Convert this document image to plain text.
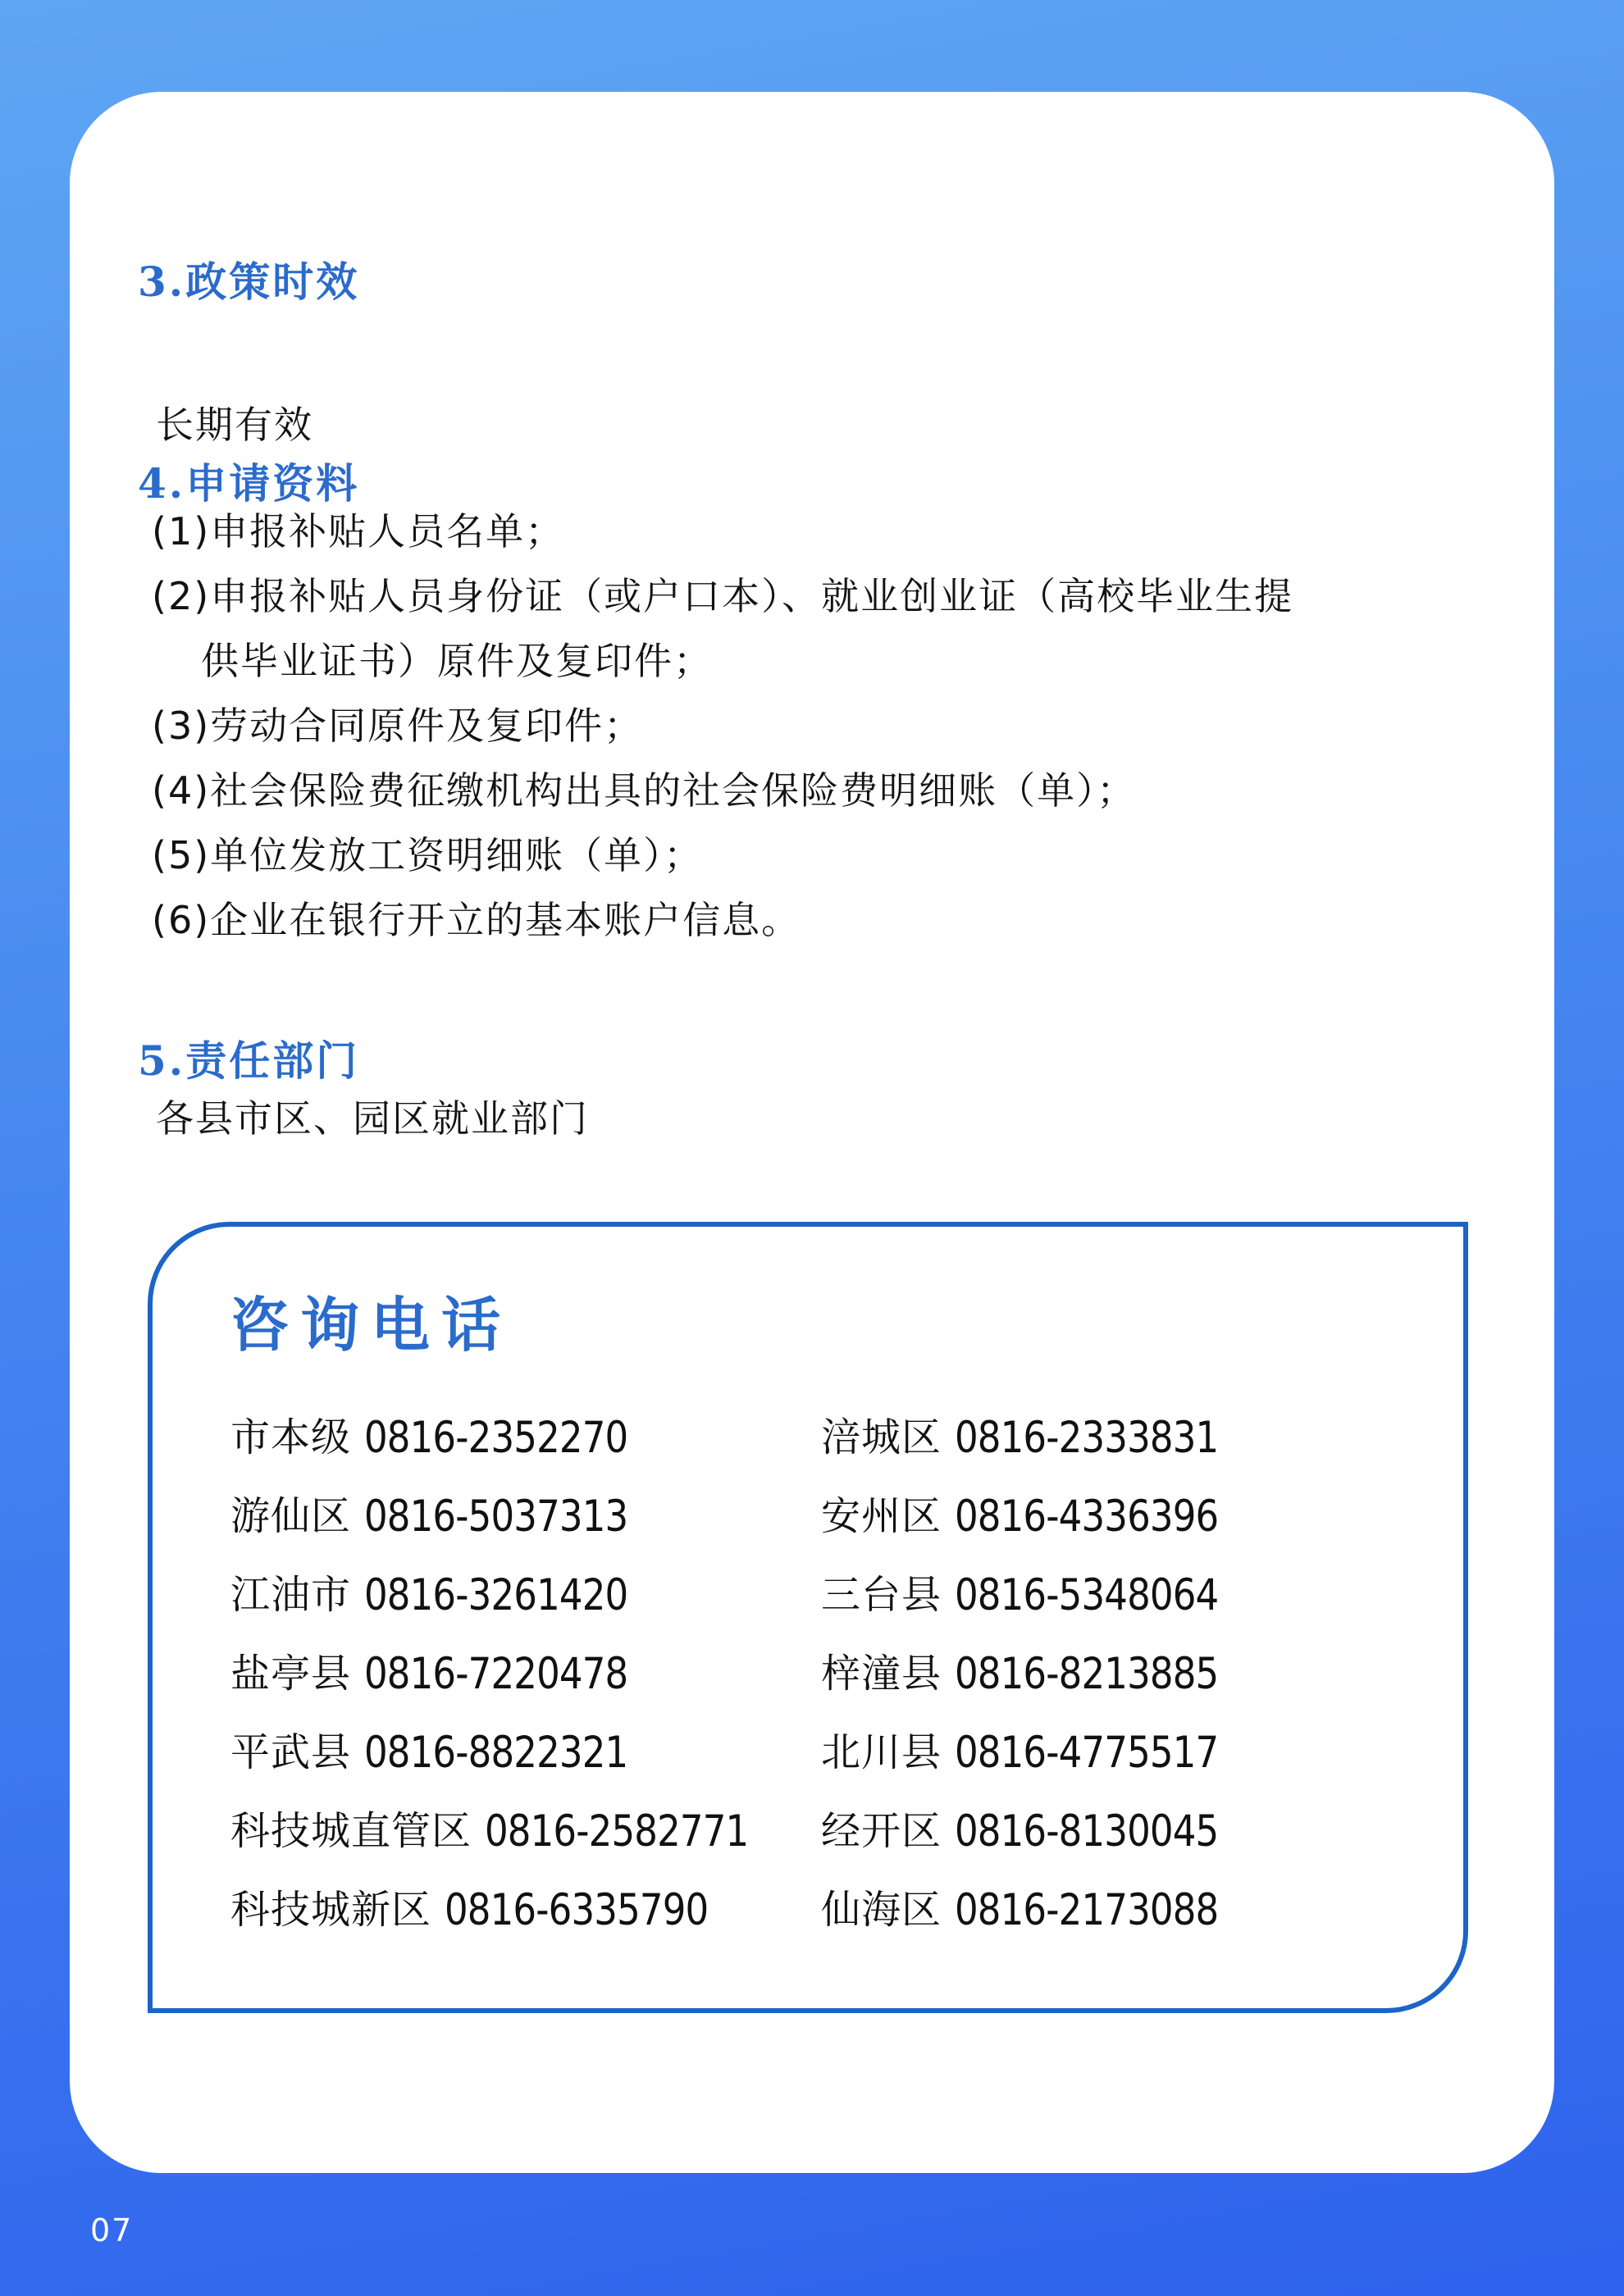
3.政策时效
长期有效
4.申请资料
(1)申报补贴人员名单；
(2)申报补贴人员身份证（或户口本）、就业创业证（高校毕业生提
供毕业证书）原件及复印件；
(3)劳动合同原件及复印件；
(4)社会保险费征缴机构出具的社会保险费明细账（单）；
(5)单位发放工资明细账（单）；
(6)企业在银行开立的基本账户信息。
5.责任部门
各县市区、园区就业部门
咨询电话
市本级 0816-2352270	涪城区 0816-2333831
游仙区 0816-5037313	安州区 0816-4336396
江油市 0816-3261420	三台县 0816-5348064
盐亭县 0816-7220478	梓潼县 0816-8213885
平武县 0816-8822321	北川县 0816-4775517
科技城直管区 0816-2582771	经开区 0816-8130045
科技城新区 0816-6335790	仙海区 0816-2173088
07
